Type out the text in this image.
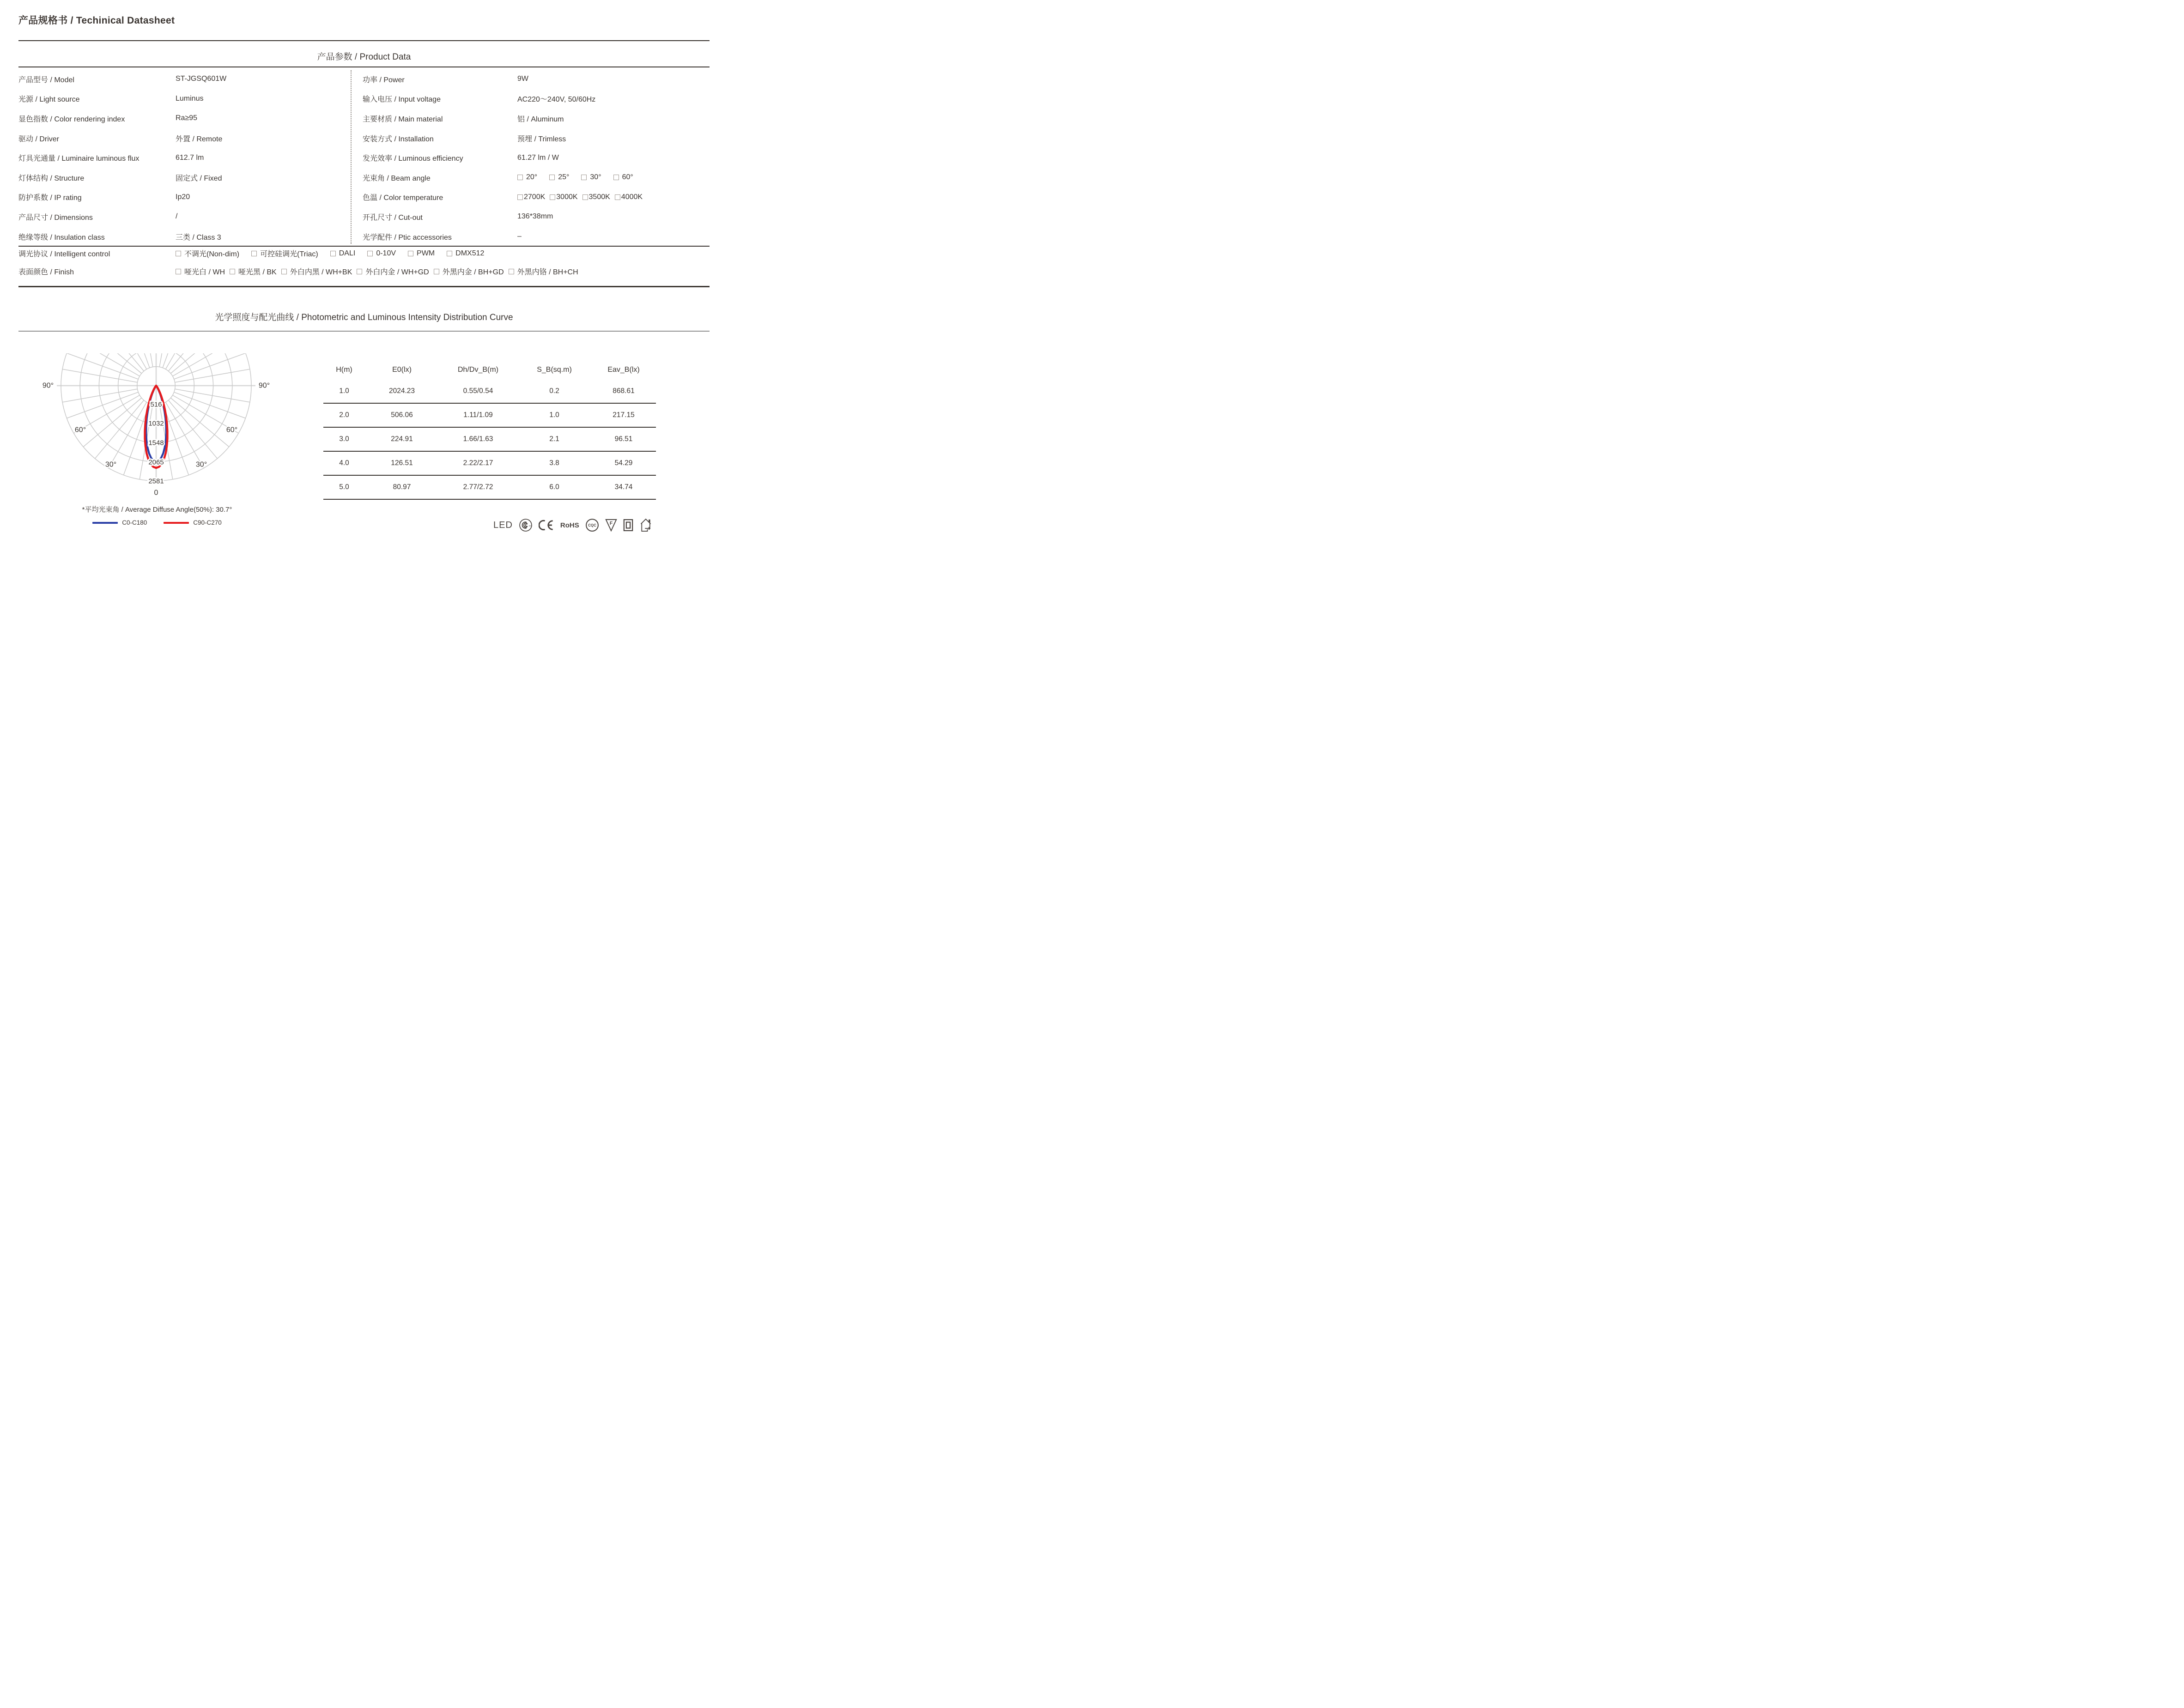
产品规格书 / Techinical Datasheet
产品参数 / Product Data
产品型号 / Model	ST-JGSQ601W
光源 / Light source	Luminus
显色指数 / Color rendering index	Ra≥95
驱动 / Driver	外置 / Remote
灯具光通量 / Luminaire luminous flux	612.7 lm
灯体结构 / Structure	固定式 / Fixed
防护系数 / IP rating	Ip20
产品尺寸 / Dimensions	/
绝缘等级 / Insulation class	三类 / Class 3
功率 / Power	9W
输入电压 / Input voltage	AC220～240V, 50/60Hz
主要材质 / Main material	铝 / Aluminum
安装方式 / Installation	预埋 / Trimless
发光效率 / Luminous efficiency	61.27 lm / W
光束角 / Beam angle	20°	25°	30°	60°
色温 / Color temperature	2700K 3000K 3500K 4000K
开孔尺寸 / Cut-out	136*38mm
光学配件 / Ptic accessories	–
调光协议 / Intelligent control	不调光(Non-dim)	可控硅调光(Triac)	DALI	0-10V	PWM	DMX512
表面颜色 / Finish	哑光白 / WH 哑光黑 / BK 外白内黑 / WH+BK 外白内金 / WH+GD 外黑内金 / BH+GD 外黑内铬 / BH+CH
光学照度与配光曲线 / Photometric and Luminous Intensity Distribution Curve
516
1032
1548
2065
2581
90°	90°
60°	60°
30°	30°
0
*平均光束角 / Average Diffuse Angle(50%): 30.7°
C0-C180	C90-C270
H(m)	E0(lx)	Dh/Dv_B(m)	S_B(sq.m)	Eav_B(lx)
1.0	2024.23	0.55/0.54	0.2	868.61
2.0	506.06	1.11/1.09	1.0	217.15
3.0	224.91	1.66/1.63	2.1	96.51
4.0	126.51	2.22/2.17	3.8	54.29
5.0	80.97	2.77/2.72	6.0	34.74
LED	S&E	RoHS CQC F
